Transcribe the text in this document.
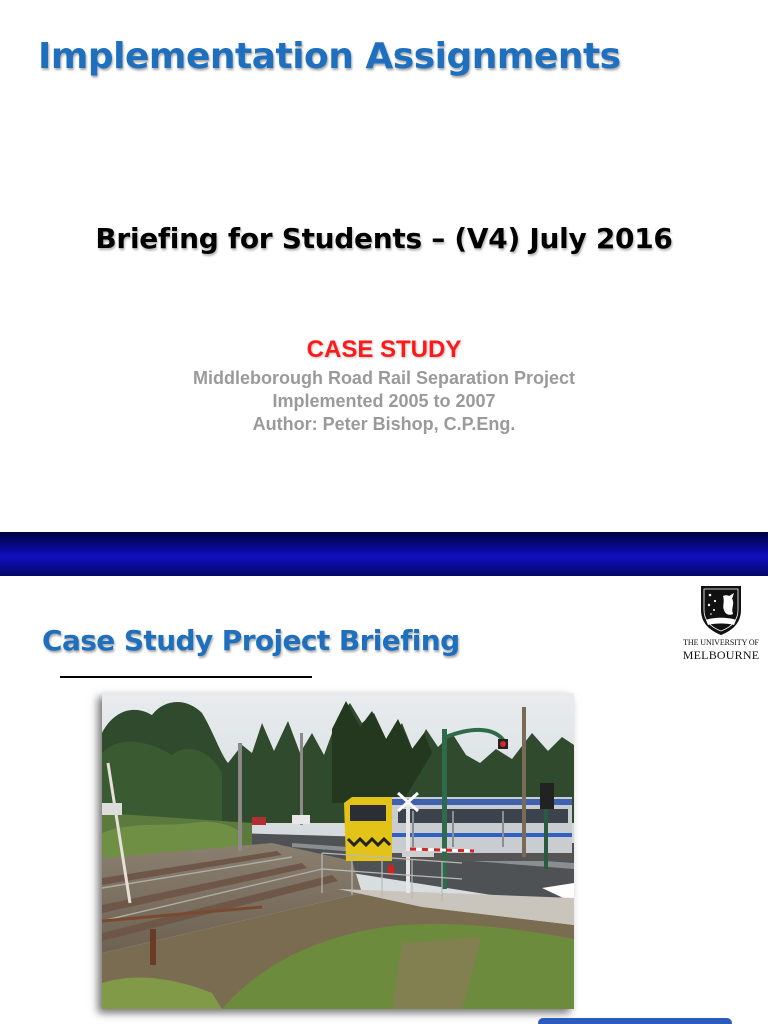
Implementation Assignments
Briefing for Students – (V4) July 2016
CASE STUDY
Middleborough Road Rail Separation Project
Implemented 2005 to 2007
Author: Peter Bishop, C.P.Eng.
Case Study Project Briefing	THE UNIVERSITY OF
MELBOURNE
